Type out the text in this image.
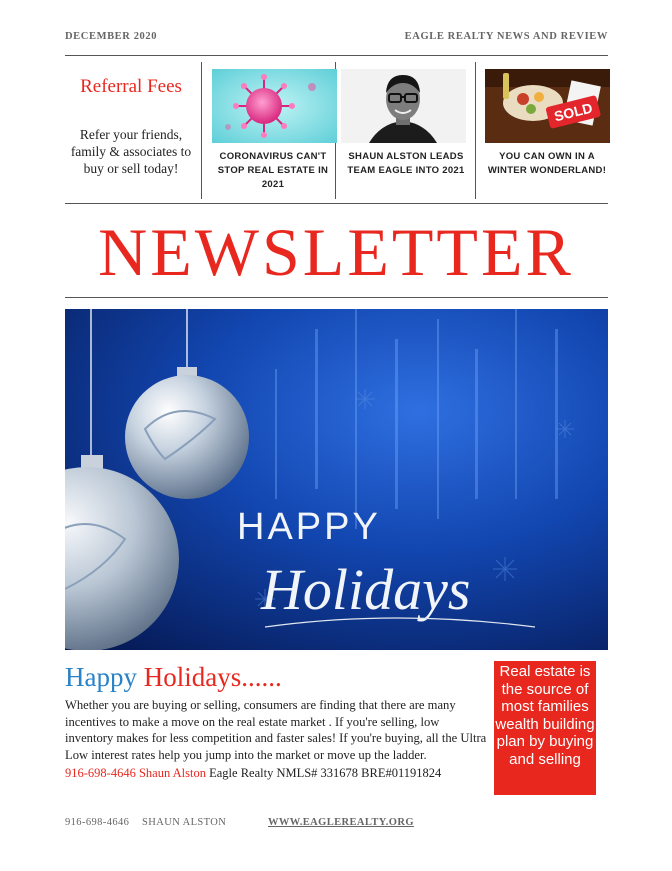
DECEMBER 2020	EAGLE REALTY NEWS AND REVIEW
Referral Fees
Refer your friends, family & associates to buy or sell today!
CORONAVIRUS CAN'T STOP REAL ESTATE IN 2021
SHAUN ALSTON LEADS TEAM EAGLE INTO 2021
SOLD
YOU CAN OWN IN A WINTER WONDERLAND!
NEWSLETTER
HAPPY
Holidays
Happy Holidays......
Whether you are buying or selling, consumers are finding that there are many incentives to make a move on the real estate market . If you're selling, low inventory makes for less competition and faster sales! If you're buying, all the Ultra Low interest rates help you jump into the market or move up the ladder.
916-698-4646 Shaun Alston Eagle Realty NMLS# 331678 BRE#01191824
Real estate is the source of most families wealth building plan by buying and selling
916-698-4646 SHAUN ALSTON	WWW.EAGLEREALTY.ORG
